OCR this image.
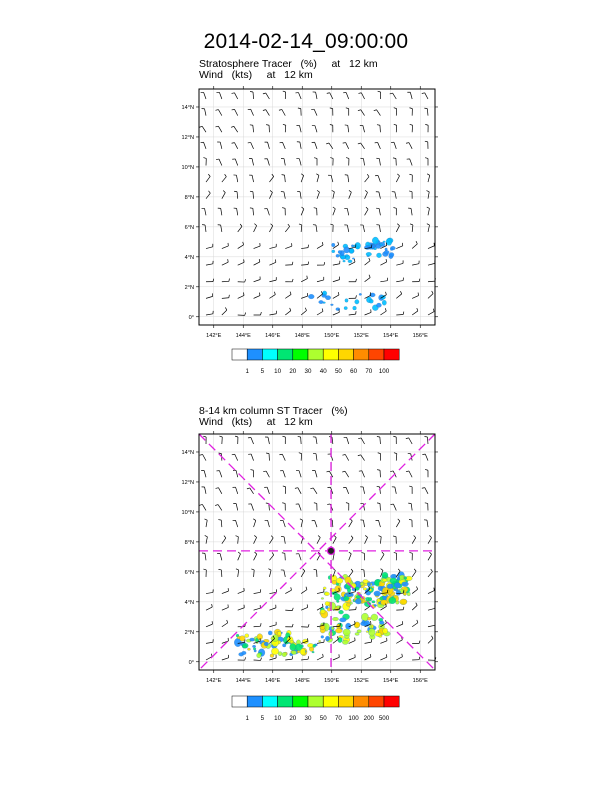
2014-02-14_09:00:00
Stratosphere Tracer   (%)     at   12 km
Wind   (kts)     at   12 km
8-14 km column ST Tracer   (%)
Wind   (kts)     at   12 km
14°N
12°N
10°N
8°N
6°N
4°N
2°N
0°
142°E	144°E	146°E	148°E	150°E	152°E	154°E	156°E
1 5 10 20 30 40 50 60 70 100
14°N
12°N
10°N
8°N
6°N
4°N
2°N
0°
142°E	144°E	146°E	148°E	150°E	152°E	154°E	156°E
1 5 10 20 30 50 70 100 200 500
